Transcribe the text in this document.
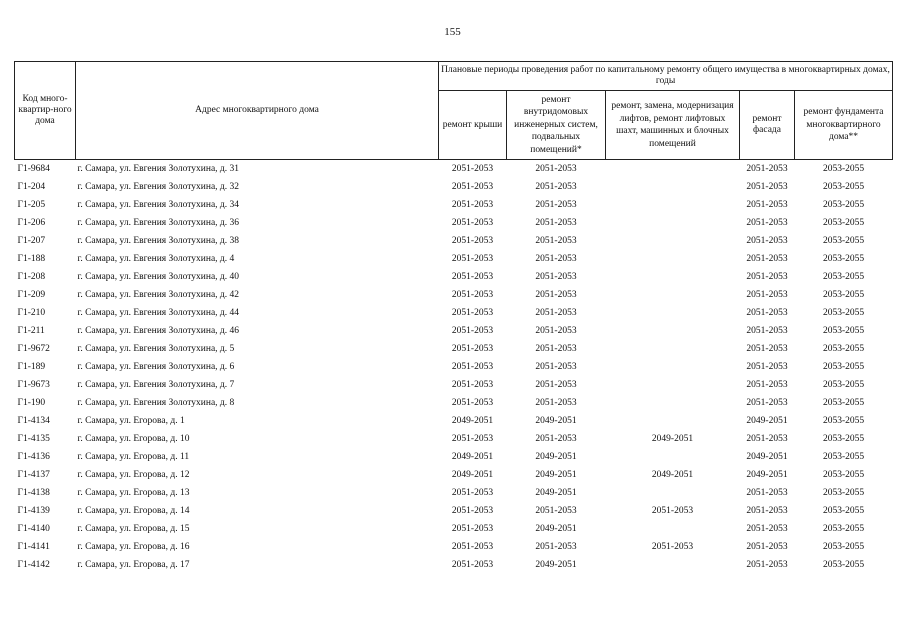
155
Код много-квартир-ного дома	Адрес многоквартирного дома	Плановые периоды проведения работ по капитальному ремонту общего имущества в многоквартирных домах, годы				
		ремонт крыши	ремонт внутридомовых инженерных систем, подвальных помещений*	ремонт, замена, модернизация лифтов, ремонт лифтовых шахт, машинных и блочных помещений	ремонт фасада	ремонт фундамента многоквартирного дома**
Г1-9684	г. Самара, ул. Евгения Золотухина, д. 31	2051-2053	2051-2053		2051-2053	2053-2055
Г1-204	г. Самара, ул. Евгения Золотухина, д. 32	2051-2053	2051-2053		2051-2053	2053-2055
Г1-205	г. Самара, ул. Евгения Золотухина, д. 34	2051-2053	2051-2053		2051-2053	2053-2055
Г1-206	г. Самара, ул. Евгения Золотухина, д. 36	2051-2053	2051-2053		2051-2053	2053-2055
Г1-207	г. Самара, ул. Евгения Золотухина, д. 38	2051-2053	2051-2053		2051-2053	2053-2055
Г1-188	г. Самара, ул. Евгения Золотухина, д. 4	2051-2053	2051-2053		2051-2053	2053-2055
Г1-208	г. Самара, ул. Евгения Золотухина, д. 40	2051-2053	2051-2053		2051-2053	2053-2055
Г1-209	г. Самара, ул. Евгения Золотухина, д. 42	2051-2053	2051-2053		2051-2053	2053-2055
Г1-210	г. Самара, ул. Евгения Золотухина, д. 44	2051-2053	2051-2053		2051-2053	2053-2055
Г1-211	г. Самара, ул. Евгения Золотухина, д. 46	2051-2053	2051-2053		2051-2053	2053-2055
Г1-9672	г. Самара, ул. Евгения Золотухина, д. 5	2051-2053	2051-2053		2051-2053	2053-2055
Г1-189	г. Самара, ул. Евгения Золотухина, д. 6	2051-2053	2051-2053		2051-2053	2053-2055
Г1-9673	г. Самара, ул. Евгения Золотухина, д. 7	2051-2053	2051-2053		2051-2053	2053-2055
Г1-190	г. Самара, ул. Евгения Золотухина, д. 8	2051-2053	2051-2053		2051-2053	2053-2055
Г1-4134	г. Самара, ул. Егорова, д. 1	2049-2051	2049-2051		2049-2051	2053-2055
Г1-4135	г. Самара, ул. Егорова, д. 10	2051-2053	2051-2053	2049-2051	2051-2053	2053-2055
Г1-4136	г. Самара, ул. Егорова, д. 11	2049-2051	2049-2051		2049-2051	2053-2055
Г1-4137	г. Самара, ул. Егорова, д. 12	2049-2051	2049-2051	2049-2051	2049-2051	2053-2055
Г1-4138	г. Самара, ул. Егорова, д. 13	2051-2053	2049-2051		2051-2053	2053-2055
Г1-4139	г. Самара, ул. Егорова, д. 14	2051-2053	2051-2053	2051-2053	2051-2053	2053-2055
Г1-4140	г. Самара, ул. Егорова, д. 15	2051-2053	2049-2051		2051-2053	2053-2055
Г1-4141	г. Самара, ул. Егорова, д. 16	2051-2053	2051-2053	2051-2053	2051-2053	2053-2055
Г1-4142	г. Самара, ул. Егорова, д. 17	2051-2053	2049-2051		2051-2053	2053-2055
